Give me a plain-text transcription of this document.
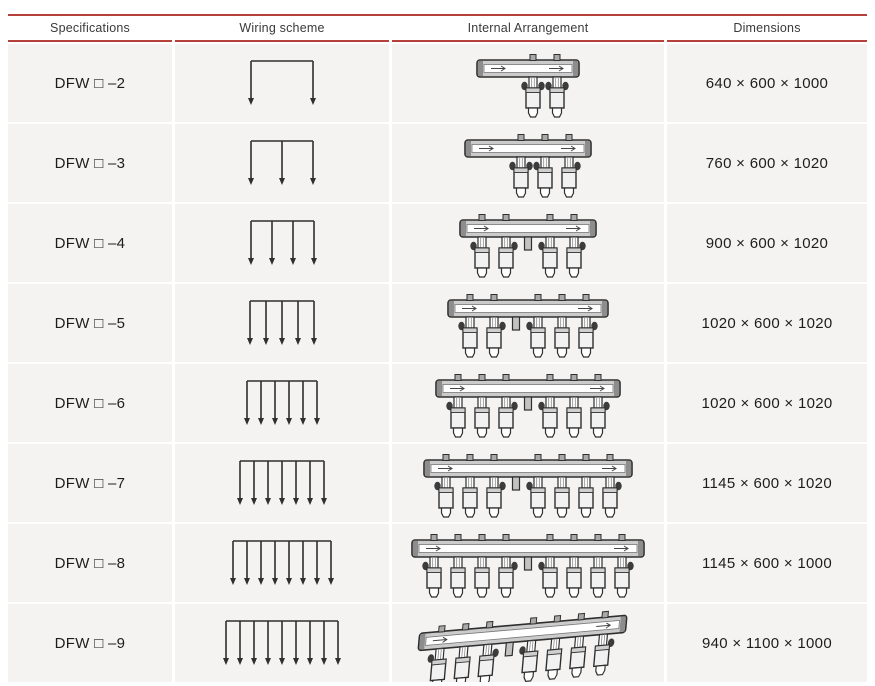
Specifications	Wiring scheme	Internal Arrangement	Dimensions
DFW □ –2	640 × 600 × 1000
DFW □ –3	760 × 600 × 1020
DFW □ –4	900 × 600 × 1020
DFW □ –5	1020 × 600 × 1020
DFW □ –6	1020 × 600 × 1020
DFW □ –7	1145 × 600 × 1020
DFW □ –8	1145 × 600 × 1000
DFW □ –9	940 × 1100 × 1000
